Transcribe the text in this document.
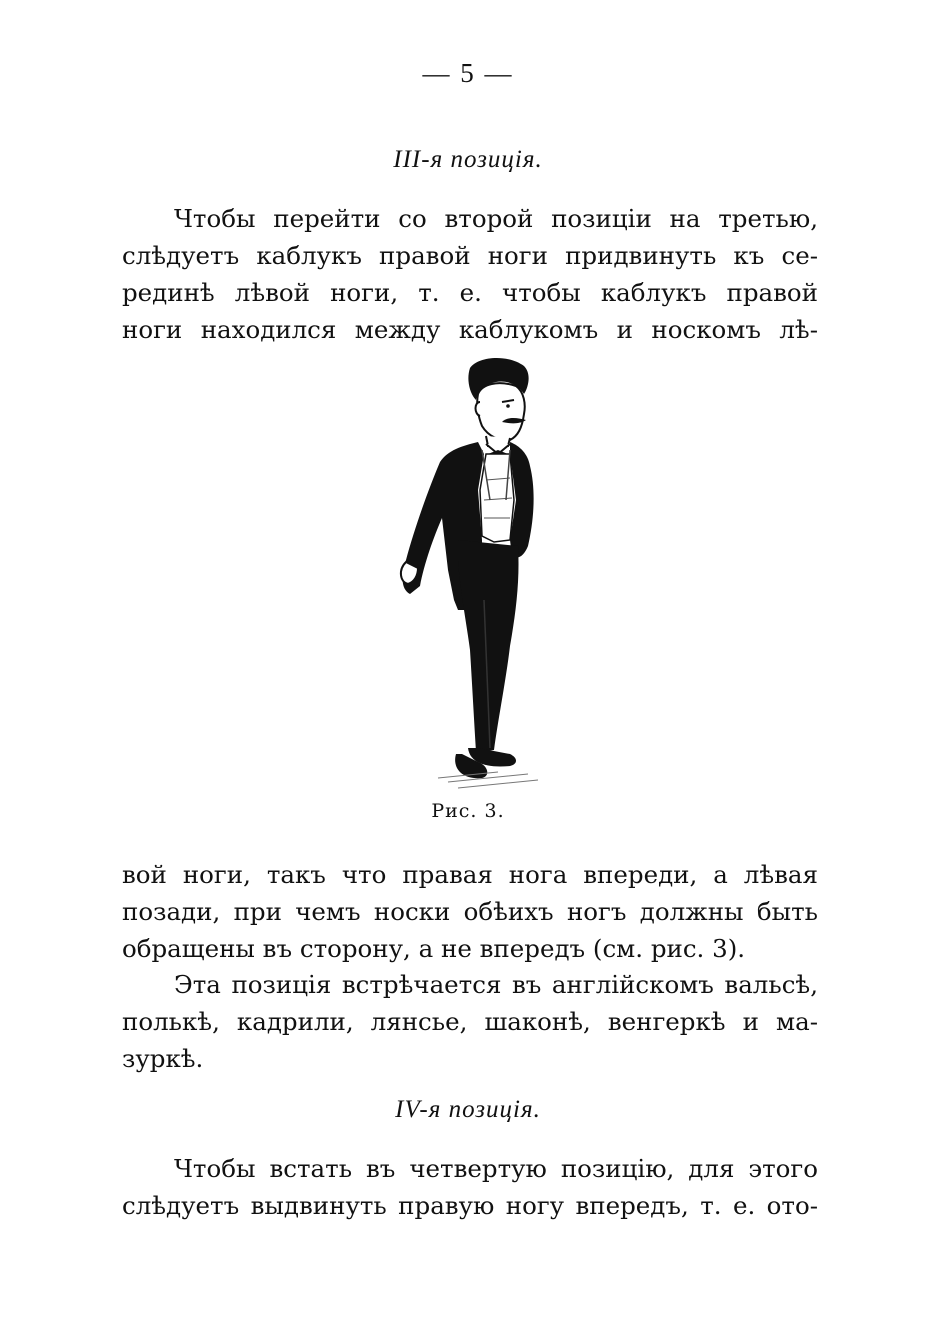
— 5 —
III-я позиція.
Чтобы перейти со второй позиціи на третью,
слѣдуетъ каблукъ правой ноги придвинуть къ се-
рединѣ лѣвой ноги, т. е. чтобы каблукъ правой
ноги находился между каблукомъ и носкомъ лѣ-
Рис. 3.
вой ноги, такъ что правая нога впереди, а лѣвая
позади, при чемъ носки обѣихъ ногъ должны быть
обращены въ сторону, а не впередъ (см. рис. 3).
Эта позиція встрѣчается въ англійскомъ вальсѣ,
полькѣ, кадрили, лянсье, шаконѣ, венгеркѣ и ма-
зуркѣ.
IV-я позиція.
Чтобы встать въ четвертую позицію, для этого
слѣдуетъ выдвинуть правую ногу впередъ, т. е. ото-
